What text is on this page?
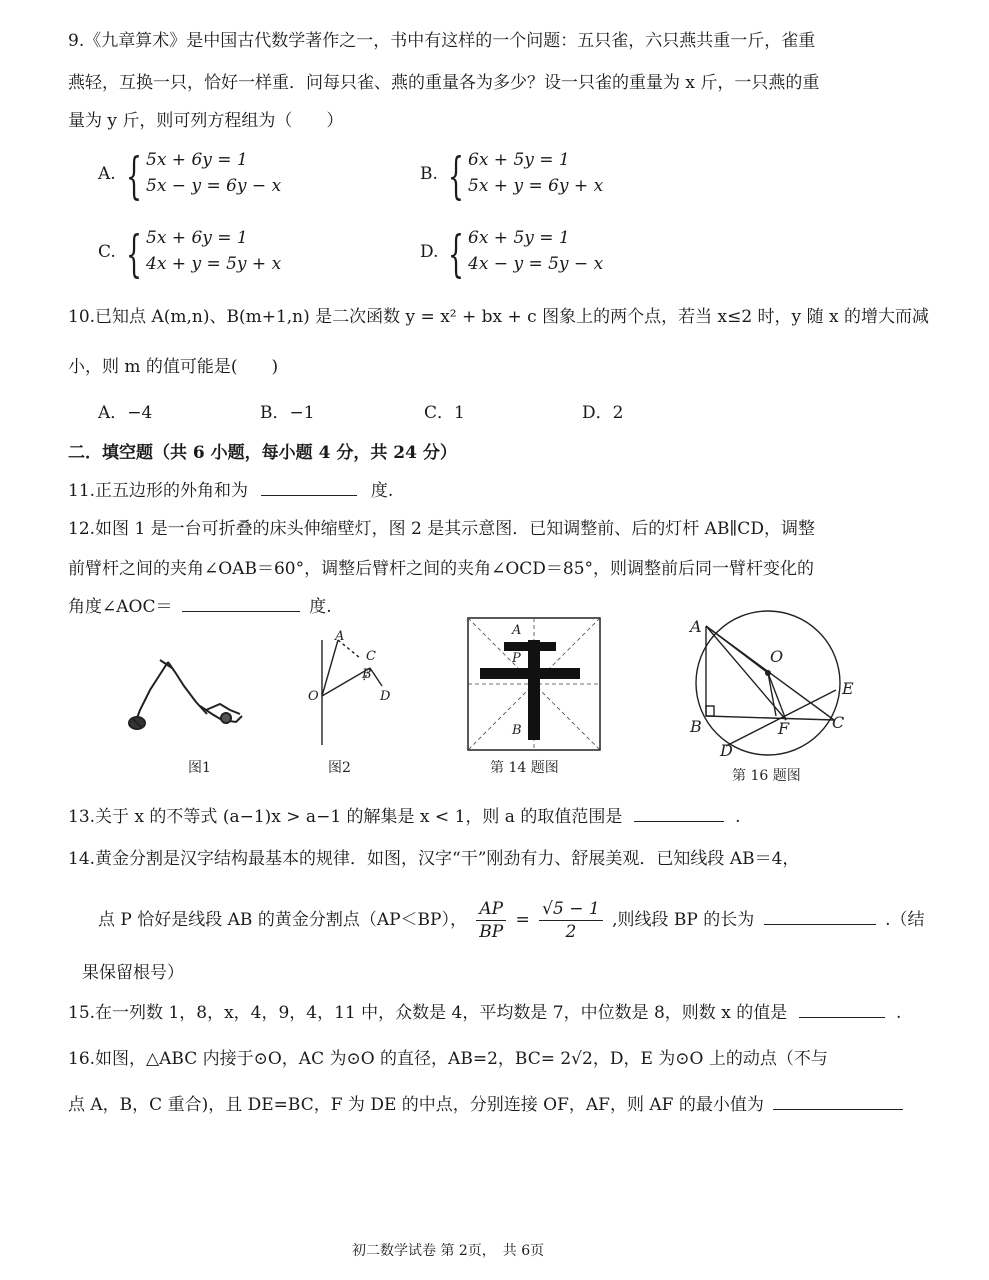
9.《九章算术》是中国古代数学著作之一，书中有这样的一个问题：五只雀，六只燕共重一斤，雀重
燕轻，互换一只，恰好一样重．问每只雀、燕的重量各为多少？设一只雀的重量为 x 斤，一只燕的重
量为 y 斤，则可列方程组为（　　）
A. { 5x + 6y = 1
5x − y = 6y − x
B. { 6x + 5y = 1
5x + y = 6y + x
C. { 5x + 6y = 1
4x + y = 5y + x
D. { 6x + 5y = 1
4x − y = 5y − x
10.已知点 A(m,n)、B(m+1,n) 是二次函数 y = x² + bx + c 图象上的两个点，若当 x≤2 时，y 随 x 的增大而减
小，则 m 的值可能是(　　)
A．−4	B．−1	C．1	D．2
二．填空题（共 6 小题，每小题 4 分，共 24 分）
11.正五边形的外角和为	度.
12.如图 1 是一台可折叠的床头伸缩壁灯，图 2 是其示意图．已知调整前、后的灯杆 AB∥CD，调整
前臂杆之间的夹角∠OAB＝60°，调整后臂杆之间的夹角∠OCD＝85°，则调整前后同一臂杆变化的
角度∠AOC＝	度.
图1
A
C
B
O	D
图2
A
P
B
第 14 题图
A
O
E
B	F	C
D
第 16 题图
13.关于 x 的不等式 (a−1)x > a−1 的解集是 x < 1，则 a 的取值范围是	.
14.黄金分割是汉字结构最基本的规律．如图，汉字“干”刚劲有力、舒展美观．已知线段 AB＝4，
点 P 恰好是线段 AB 的黄金分割点（AP＜BP）， $\frac{AP}{BP} = \frac{√5 - 1}{2}$ ,则线段 BP 的长为	.（结
果保留根号）
15.在一列数 1，8，x，4，9，4，11 中，众数是 4，平均数是 7，中位数是 8，则数 x 的值是	.
16.如图，△ABC 内接于⊙O，AC 为⊙O 的直径，AB=2，BC= 2√2，D，E 为⊙O 上的动点（不与
点 A，B，C 重合)，且 DE=BC，F 为 DE 的中点，分别连接 OF，AF，则 AF 的最小值为
初二数学试卷 第 2页，　共 6页
